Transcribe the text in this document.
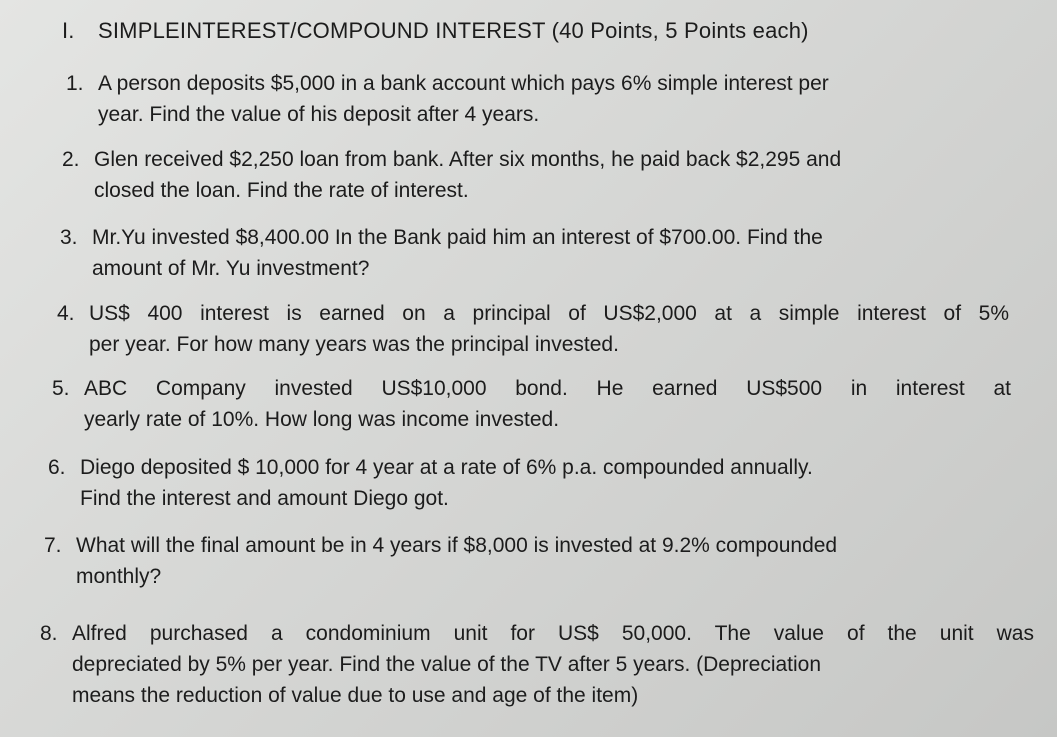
I. SIMPLEINTEREST/COMPOUND INTEREST (40 Points, 5 Points each)
1. A person deposits $5,000 in a bank account which pays 6% simple interest per
year. Find the value of his deposit after 4 years.
2. Glen received $2,250 loan from bank. After six months, he paid back $2,295 and
closed the loan. Find the rate of interest.
3. Mr.Yu invested $8,400.00 In the Bank paid him an interest of $700.00. Find the
amount of Mr. Yu investment?
4. US$ 400 interest is earned on a principal of US$2,000 at a simple interest of 5%
per year. For how many years was the principal invested.
5. ABC Company invested US$10,000 bond. He earned US$500 in interest at
yearly rate of 10%. How long was income invested.
6. Diego deposited $ 10,000 for 4 year at a rate of 6% p.a. compounded annually.
Find the interest and amount Diego got.
7. What will the final amount be in 4 years if $8,000 is invested at 9.2% compounded
monthly?
8. Alfred purchased a condominium unit for US$ 50,000. The value of the unit was
depreciated by 5% per year. Find the value of the TV after 5 years. (Depreciation
means the reduction of value due to use and age of the item)
